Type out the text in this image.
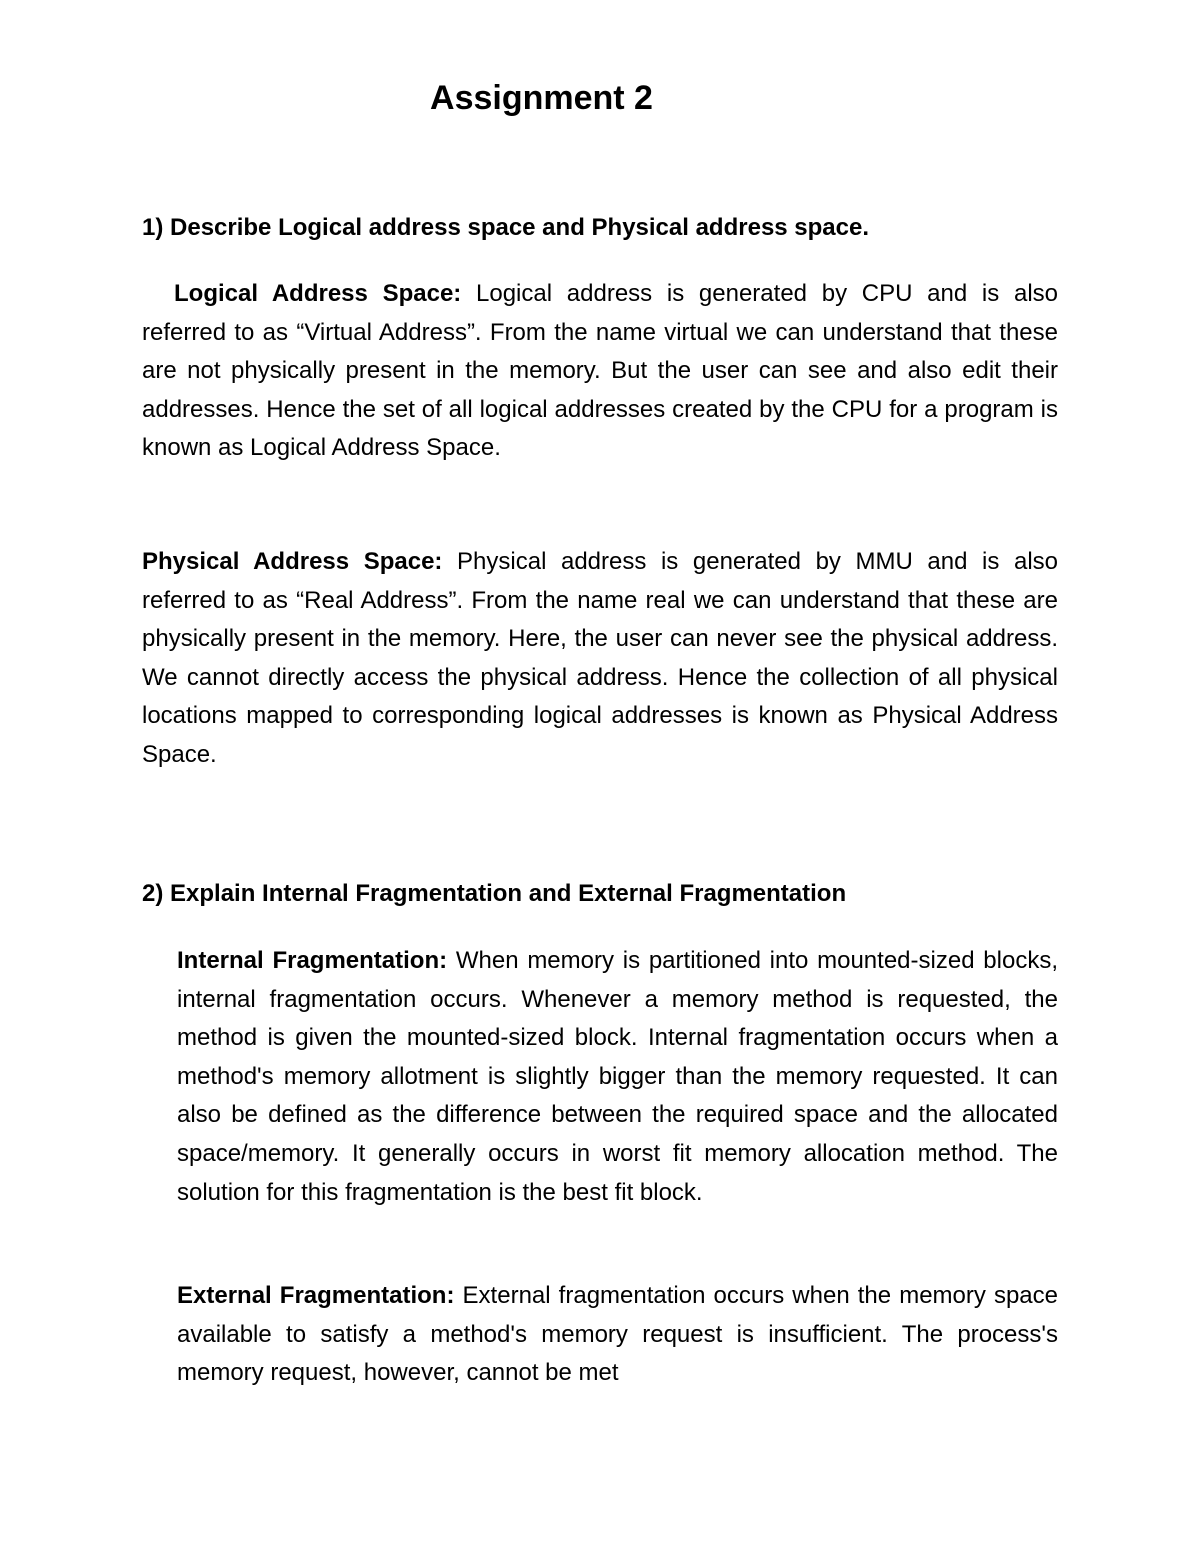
Assignment 2
1) Describe Logical address space and Physical address space.

Logical Address Space: Logical address is generated by CPU and is also referred to as “Virtual Address”. From the name virtual we can understand that these are not physically present in the memory. But the user can see and also edit their addresses. Hence the set of all logical addresses created by the CPU for a program is known as Logical Address Space.

Physical Address Space: Physical address is generated by MMU and is also referred to as “Real Address”. From the name real we can understand that these are physically present in the memory. Here, the user can never see the physical address. We cannot directly access the physical address. Hence the collection of all physical locations mapped to corresponding logical addresses is known as Physical Address Space.

2) Explain Internal Fragmentation and External Fragmentation

Internal Fragmentation: When memory is partitioned into mounted-sized blocks, internal fragmentation occurs. Whenever a memory method is requested, the method is given the mounted-sized block. Internal fragmentation occurs when a method's memory allotment is slightly bigger than the memory requested. It can also be defined as the difference between the required space and the allocated space/memory. It generally occurs in worst fit memory allocation method. The solution for this fragmentation is the best fit block.

External Fragmentation: External fragmentation occurs when the memory space available to satisfy a method's memory request is insufficient. The process's memory request, however, cannot be met
